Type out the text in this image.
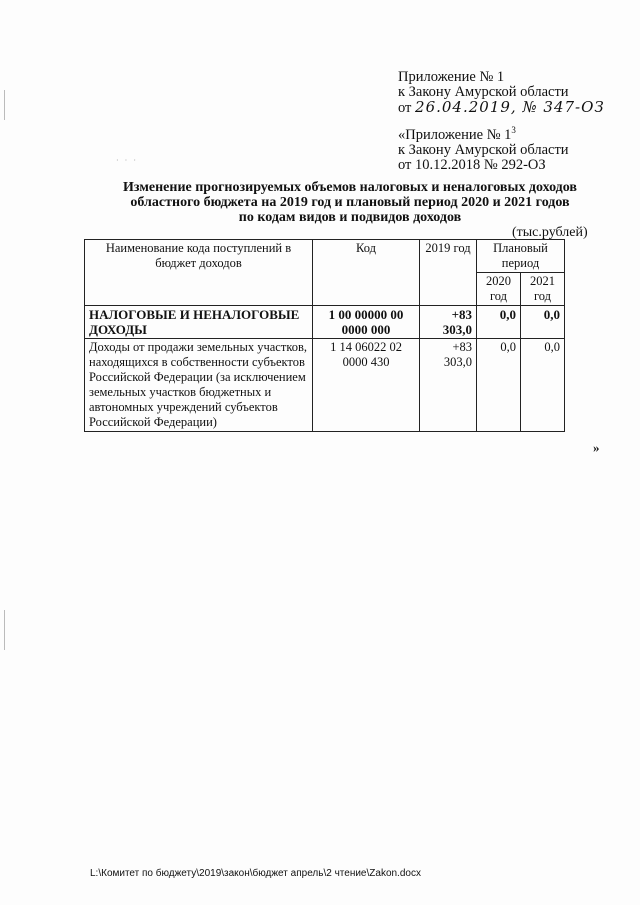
Приложение № 1
к Закону Амурской области
от 26.04.2019, № 347-ОЗ
«Приложение № $1^3$
к Закону Амурской области
от 10.12.2018 № 292-ОЗ
· · ·
Изменение прогнозируемых объемов налоговых и неналоговых доходов
областного бюджета на 2019 год и плановый период 2020 и 2021 годов
по кодам видов и подвидов доходов
(тыс.рублей)
Наименование кода поступлений в бюджет доходов	Код	2019 год	Плановый период	
			2020 год	2021 год
НАЛОГОВЫЕ И НЕНАЛОГОВЫЕ ДОХОДЫ	1 00 00000 00 0000 000	+83 303,0	0,0	0,0
Доходы от продажи земельных участков, находящихся в собственности субъектов Российской Федерации (за исключением земельных участков бюджетных и автономных учреждений субъектов Российской Федерации)	1 14 06022 02 0000 430	+83 303,0	0,0	0,0
»
L:\Комитет по бюджету\2019\закон\бюджет апрель\2 чтение\Zakon.docx
